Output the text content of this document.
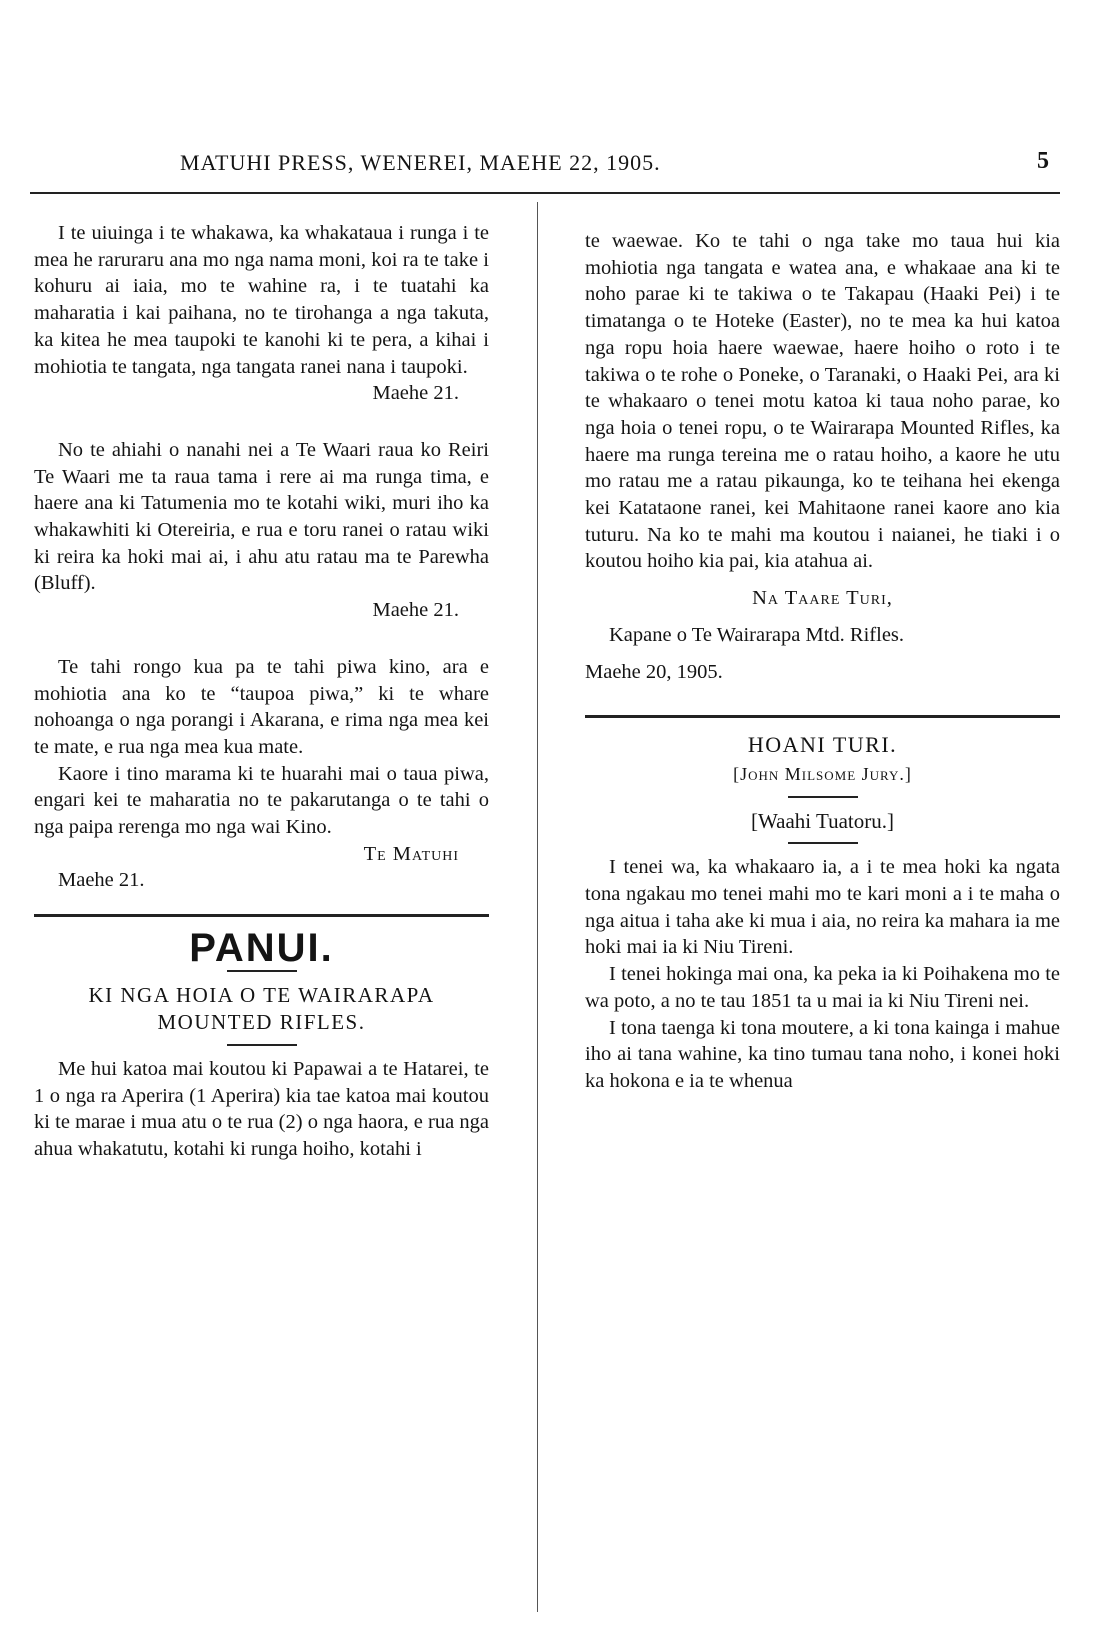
MATUHI PRESS, WENEREI, MAEHE 22, 1905.	5

I te uiuinga i te whakawa, ka whakataua i runga i te mea he raruraru ana mo nga nama moni, koi ra te take i kohuru ai iaia, mo te wahine ra, i te tuatahi ka maharatia i kai paihana, no te tirohanga a nga takuta, ka kitea he mea taupoki te kanohi ki te pera, a kihai i mohiotia te tangata, nga tangata ranei nana i taupoki.

Maehe 21.

No te ahiahi o nanahi nei a Te Waari raua ko Reiri Te Waari me ta raua tama i rere ai ma runga tima, e haere ana ki Tatumenia mo te kotahi wiki, muri iho ka whakawhiti ki Otereiria, e rua e toru ranei o ratau wiki ki reira ka hoki mai ai, i ahu atu ratau ma te Parewha (Bluff).

Maehe 21.

Te tahi rongo kua pa te tahi piwa kino, ara e mohiotia ana ko te “taupoa piwa,” ki te whare nohoanga o nga porangi i Akarana, e rima nga mea kei te mate, e rua nga mea kua mate.

Kaore i tino marama ki te huarahi mai o taua piwa, engari kei te maharatia no te pakarutanga o te tahi o nga paipa rerenga mo nga wai Kino.

Te Matuhi

Maehe 21.

PANUI.

KI NGA HOIA O TE WAIRARAPA

MOUNTED RIFLES.

Me hui katoa mai koutou ki Papawai a te Hatarei, te 1 o nga ra Aperira (1 Aperira) kia tae katoa mai koutou ki te marae i mua atu o te rua (2) o nga haora, e rua nga ahua whakatutu, kotahi ki runga hoiho, kotahi i

te waewae. Ko te tahi o nga take mo taua hui kia mohiotia nga tangata e watea ana, e whakaae ana ki te noho parae ki te takiwa o te Takapau (Haaki Pei) i te timatanga o te Hoteke (Easter), no te mea ka hui katoa nga ropu hoia haere waewae, haere hoiho o roto i te takiwa o te rohe o Poneke, o Taranaki, o Haaki Pei, ara ki te whakaaro o tenei motu katoa ki taua noho parae, ko nga hoia o tenei ropu, o te Wairarapa Mounted Rifles, ka haere ma runga tereina me o ratau hoiho, a kaore he utu mo ratau me a ratau pikaunga, ko te teihana hei ekenga kei Katataone ranei, kei Mahitaone ranei kaore ano kia tuturu. Na ko te mahi ma koutou i naianei, he tiaki i o koutou hoiho kia pai, kia atahua ai.

Na Taare Turi,

Kapane o Te Wairarapa Mtd. Rifles.

Maehe 20, 1905.

HOANI TURI.
[John Milsome Jury.]

[Waahi Tuatoru.]

I tenei wa, ka whakaaro ia, a i te mea hoki ka ngata tona ngakau mo tenei mahi mo te kari moni a i te maha o nga aitua i taha ake ki mua i aia, no reira ka mahara ia me hoki mai ia ki Niu Tireni.

I tenei hokinga mai ona, ka peka ia ki Poihakena mo te wa poto, a no te tau 1851 ta u mai ia ki Niu Tireni nei.

I tona taenga ki tona moutere, a ki tona kainga i mahue iho ai tana wahine, ka tino tumau tana noho, i konei hoki ka hokona e ia te whenua
